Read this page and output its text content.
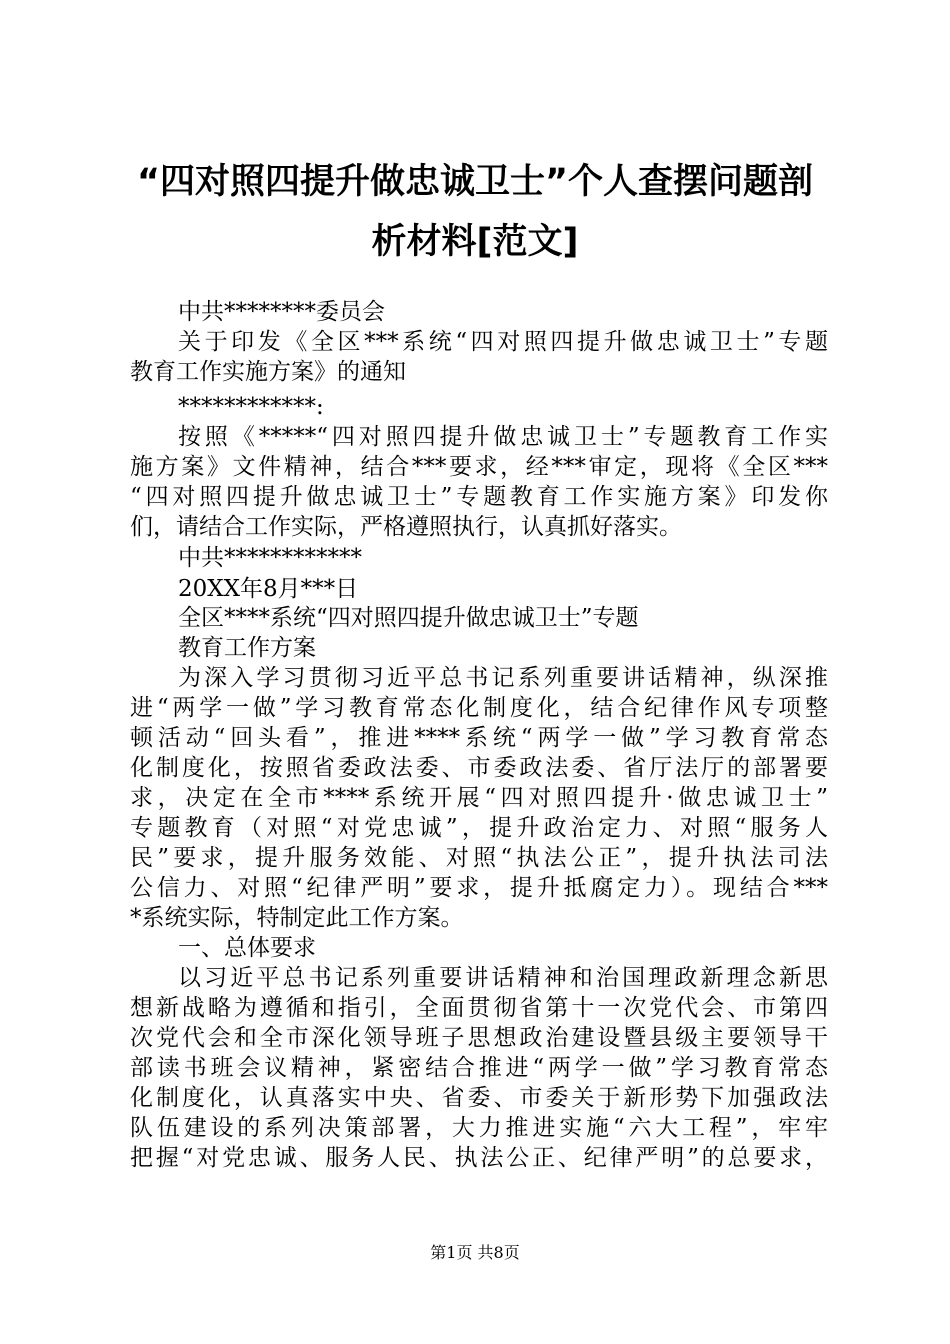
“四对照四提升做忠诚卫士”个人查摆问题剖
析材料[范文]

中共********委员会

关于印发《全区***系统“四对照四提升做忠诚卫士”专题

教育工作实施方案》的通知

************:

按照《*****“四对照四提升做忠诚卫士”专题教育工作实

施方案》文件精神，结合***要求，经***审定，现将《全区***

“四对照四提升做忠诚卫士”专题教育工作实施方案》印发你

们，请结合工作实际，严格遵照执行，认真抓好落实。

中共************

20XX年8月***日

全区****系统“四对照四提升做忠诚卫士”专题

教育工作方案

为深入学习贯彻习近平总书记系列重要讲话精神，纵深推

进“两学一做”学习教育常态化制度化，结合纪律作风专项整

顿活动“回头看”，推进****系统“两学一做”学习教育常态

化制度化，按照省委政法委、市委政法委、省厅法厅的部署要

求，决定在全市****系统开展“四对照四提升·做忠诚卫士”

专题教育（对照“对党忠诚”，提升政治定力、对照“服务人

民”要求，提升服务效能、对照“执法公正”，提升执法司法

公信力、对照“纪律严明”要求，提升抵腐定力）。现结合***

*系统实际，特制定此工作方案。

一、总体要求

以习近平总书记系列重要讲话精神和治国理政新理念新思

想新战略为遵循和指引，全面贯彻省第十一次党代会、市第四

次党代会和全市深化领导班子思想政治建设暨县级主要领导干

部读书班会议精神，紧密结合推进“两学一做”学习教育常态

化制度化，认真落实中央、省委、市委关于新形势下加强政法

队伍建设的系列决策部署，大力推进实施“六大工程”，牢牢

把握“对党忠诚、服务人民、执法公正、纪律严明”的总要求，

第1页 共8页
